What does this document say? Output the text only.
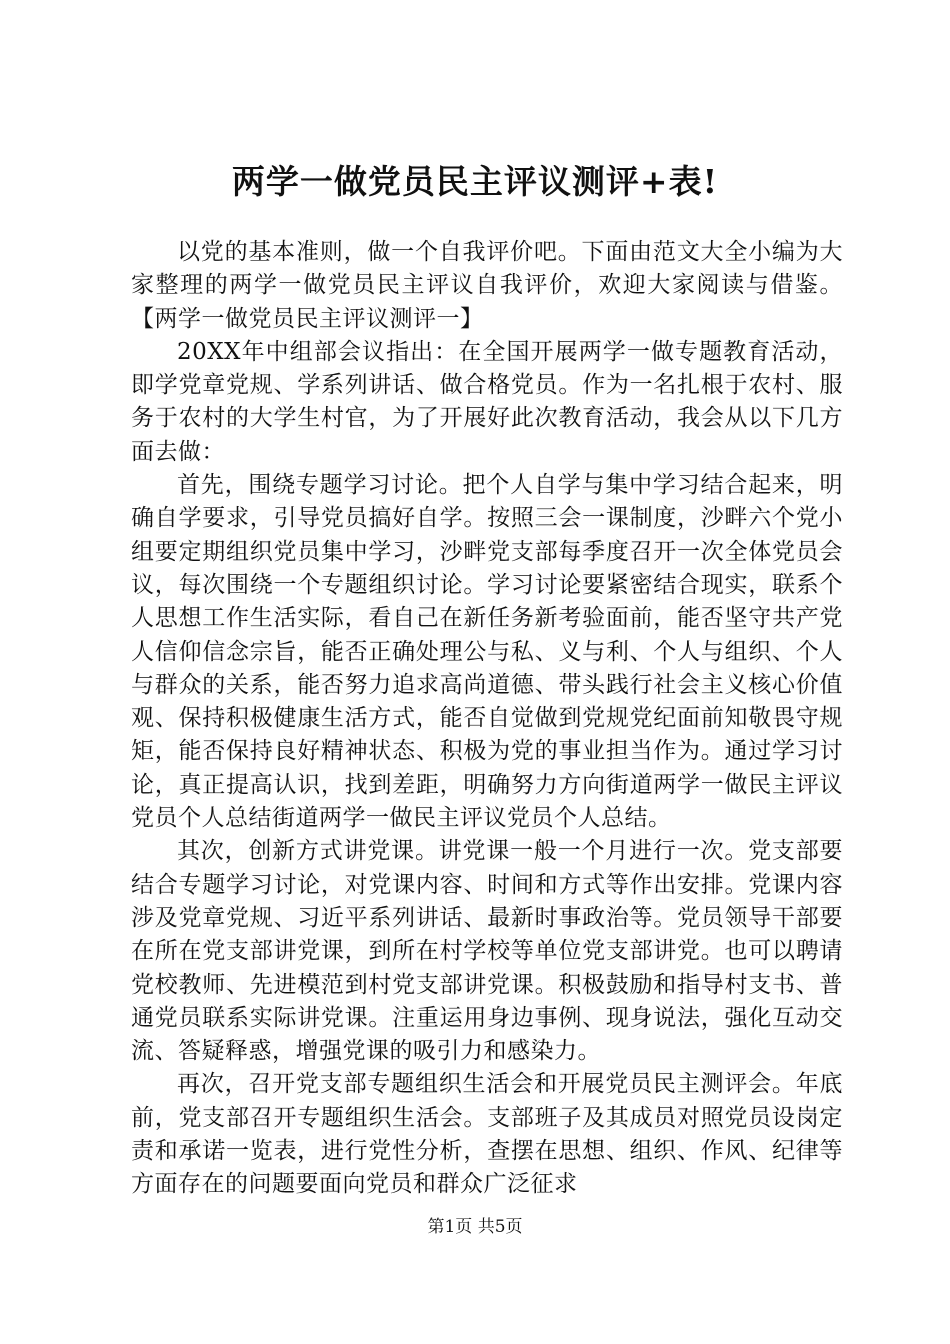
两学一做党员民主评议测评+表!

以党的基本准则，做一个自我评价吧。下面由范文大全小编为大家整理的两学一做党员民主评议自我评价，欢迎大家阅读与借鉴。【两学一做党员民主评议测评一】

20XX年中组部会议指出：在全国开展两学一做专题教育活动，即学党章党规、学系列讲话、做合格党员。作为一名扎根于农村、服务于农村的大学生村官，为了开展好此次教育活动，我会从以下几方面去做：

首先，围绕专题学习讨论。把个人自学与集中学习结合起来，明确自学要求，引导党员搞好自学。按照三会一课制度，沙畔六个党小组要定期组织党员集中学习，沙畔党支部每季度召开一次全体党员会议，每次围绕一个专题组织讨论。学习讨论要紧密结合现实，联系个人思想工作生活实际，看自己在新任务新考验面前，能否坚守共产党人信仰信念宗旨，能否正确处理公与私、义与利、个人与组织、个人与群众的关系，能否努力追求高尚道德、带头践行社会主义核心价值观、保持积极健康生活方式，能否自觉做到党规党纪面前知敬畏守规矩，能否保持良好精神状态、积极为党的事业担当作为。通过学习讨论，真正提高认识，找到差距，明确努力方向街道两学一做民主评议党员个人总结街道两学一做民主评议党员个人总结。

其次，创新方式讲党课。讲党课一般一个月进行一次。党支部要结合专题学习讨论，对党课内容、时间和方式等作出安排。党课内容涉及党章党规、习近平系列讲话、最新时事政治等。党员领导干部要在所在党支部讲党课，到所在村学校等单位党支部讲党。也可以聘请党校教师、先进模范到村党支部讲党课。积极鼓励和指导村支书、普通党员联系实际讲党课。注重运用身边事例、现身说法，强化互动交流、答疑释惑，增强党课的吸引力和感染力。

再次，召开党支部专题组织生活会和开展党员民主测评会。年底前，党支部召开专题组织生活会。支部班子及其成员对照党员设岗定责和承诺一览表，进行党性分析，查摆在思想、组织、作风、纪律等方面存在的问题要面向党员和群众广泛征求

第1页 共5页
